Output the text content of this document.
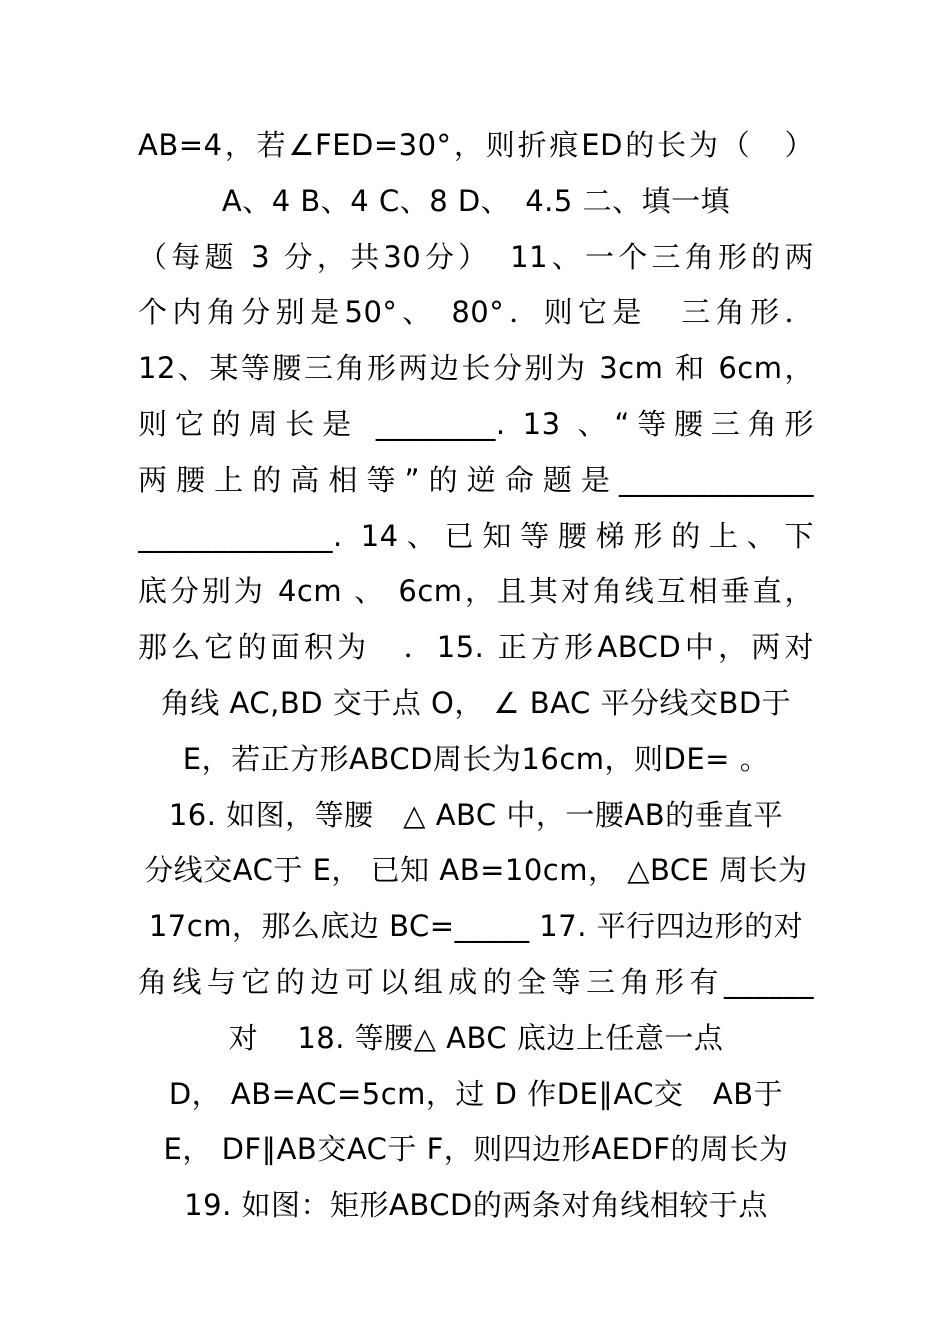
AB=4，若∠FED=30°，则折痕ED的长为（　）
A、4 B、4 C、8 D、　4.5 二、填一填
（每题 3 分，共30分）　11、一个三角形的两
个内角分别是50°、 80°．则它是　三角形．
12、某等腰三角形两边长分别为 3cm 和 6cm，
则它的周长是 ________. 13 、“等腰三角形
两腰上的高相等”的逆命题是_____________
_____________. 14、已知等腰梯形的上、下
底分别为 4cm 、 6cm，且其对角线互相垂直，
那么它的面积为　．15. 正方形ABCD中，两对
角线 AC,BD 交于点 O， ∠ BAC 平分线交BD于
E，若正方形ABCD周长为16cm，则DE= 。
16. 如图，等腰　△ ABC 中，一腰AB的垂直平
分线交AC于 E， 已知 AB=10cm， △BCE 周长为
17cm，那么底边 BC=_____ 17. 平行四边形的对
角线与它的边可以组成的全等三角形有______
对　 18. 等腰△ ABC 底边上任意一点
D， AB=AC=5cm，过 D 作DE∥AC交　AB于
E， DF∥AB交AC于 F，则四边形AEDF的周长为
19. 如图：矩形ABCD的两条对角线相较于点
